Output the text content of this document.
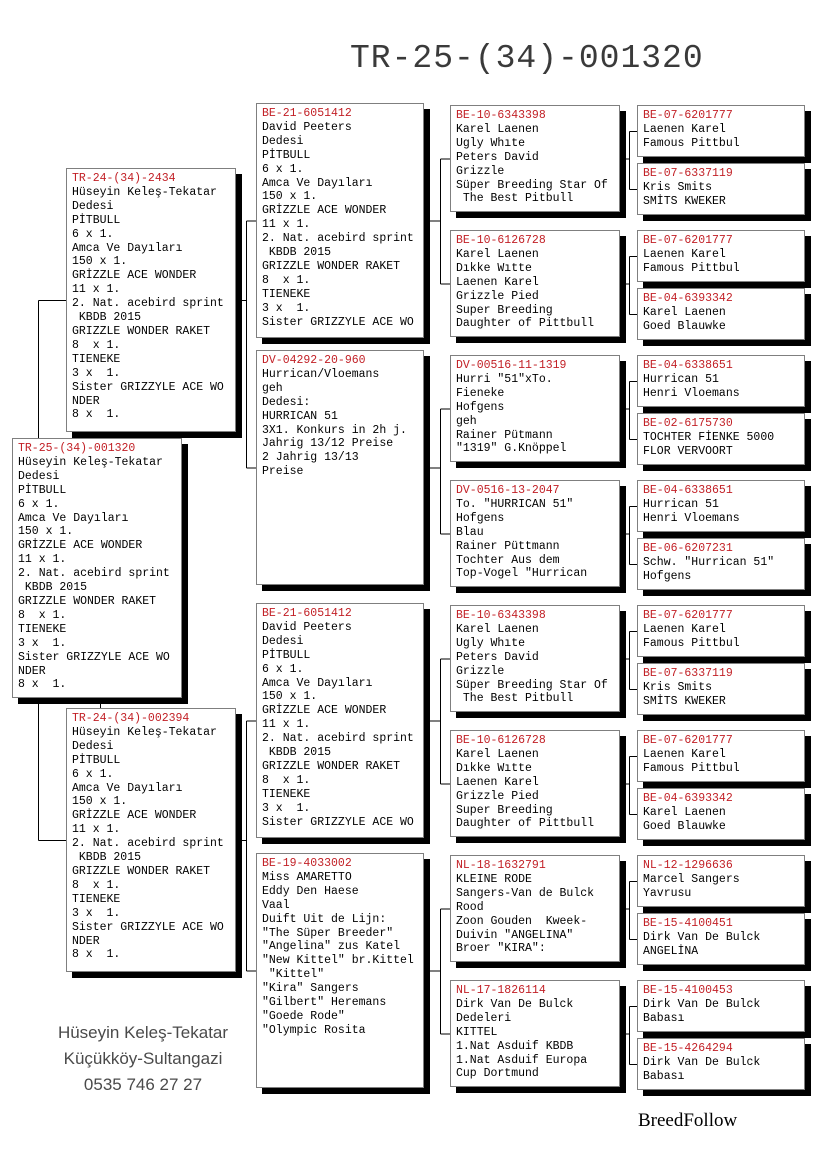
TR-25-(34)-001320
TR-25-(34)-001320
Hüseyin Keleş-Tekatar
Dedesi
PİTBULL
6 x 1.
Amca Ve Dayıları
150 x 1.
GRİZZLE ACE WONDER
11 x 1.
2. Nat. acebird sprint
KBDB 2015
GRIZZLE WONDER RAKET
8  x 1.
TIENEKE
3 x  1.
Sister GRIZZYLE ACE WO
NDER
8 x  1.
TR-24-(34)-2434
Hüseyin Keleş-Tekatar
Dedesi
PİTBULL
6 x 1.
Amca Ve Dayıları
150 x 1.
GRİZZLE ACE WONDER
11 x 1.
2. Nat. acebird sprint
KBDB 2015
GRIZZLE WONDER RAKET
8  x 1.
TIENEKE
3 x  1.
Sister GRIZZYLE ACE WO
NDER
8 x  1.
TR-24-(34)-002394
Hüseyin Keleş-Tekatar
Dedesi
PİTBULL
6 x 1.
Amca Ve Dayıları
150 x 1.
GRİZZLE ACE WONDER
11 x 1.
2. Nat. acebird sprint
KBDB 2015
GRIZZLE WONDER RAKET
8  x 1.
TIENEKE
3 x  1.
Sister GRIZZYLE ACE WO
NDER
8 x  1.
BE-21-6051412
David Peeters
Dedesi
PİTBULL
6 x 1.
Amca Ve Dayıları
150 x 1.
GRİZZLE ACE WONDER
11 x 1.
2. Nat. acebird sprint
KBDB 2015
GRIZZLE WONDER RAKET
8  x 1.
TIENEKE
3 x  1.
Sister GRIZZYLE ACE WO
DV-04292-20-960
Hurrican/Vloemans
geh
Dedesi:
HURRICAN 51
3X1. Konkurs in 2h j.
Jahrig 13/12 Preise
2 Jahrig 13/13
Preise
BE-21-6051412
David Peeters
Dedesi
PİTBULL
6 x 1.
Amca Ve Dayıları
150 x 1.
GRİZZLE ACE WONDER
11 x 1.
2. Nat. acebird sprint
KBDB 2015
GRIZZLE WONDER RAKET
8  x 1.
TIENEKE
3 x  1.
Sister GRIZZYLE ACE WO
BE-19-4033002
Miss AMARETTO
Eddy Den Haese
Vaal
Duift Uit de Lijn:
"The Süper Breeder"
"Angelina" zus Katel
"New Kittel" br.Kittel
"Kittel"
"Kira" Sangers
"Gilbert" Heremans
"Goede Rode"
"Olympic Rosita
BE-10-6343398
Karel Laenen
Ugly Whıte
Peters David
Grizzle
Süper Breeding Star Of
The Best Pitbull
BE-10-6126728
Karel Laenen
Dıkke Wıtte
Laenen Karel
Grizzle Pied
Super Breeding
Daughter of Pittbull
DV-00516-11-1319
Hurri "51"xTo.
Fieneke
Hofgens
geh
Rainer Pütmann
"1319" G.Knöppel
DV-0516-13-2047
To. "HURRICAN 51"
Hofgens
Blau
Rainer Püttmann
Tochter Aus dem
Top-Vogel "Hurrican
BE-10-6343398
Karel Laenen
Ugly Whıte
Peters David
Grizzle
Süper Breeding Star Of
The Best Pitbull
BE-10-6126728
Karel Laenen
Dıkke Wıtte
Laenen Karel
Grizzle Pied
Super Breeding
Daughter of Pittbull
NL-18-1632791
KLEINE RODE
Sangers-Van de Bulck
Rood
Zoon Gouden  Kweek-
Duivin "ANGELINA"
Broer "KIRA":
NL-17-1826114
Dirk Van De Bulck
Dedeleri
KITTEL
1.Nat Asduif KBDB
1.Nat Asduif Europa
Cup Dortmund
BE-07-6201777
Laenen Karel
Famous Pittbul
BE-07-6337119
Kris Smits
SMİTS KWEKER
BE-07-6201777
Laenen Karel
Famous Pittbul
BE-04-6393342
Karel Laenen
Goed Blauwke
BE-04-6338651
Hurrican 51
Henri Vloemans
BE-02-6175730
TOCHTER FİENKE 5000
FLOR VERVOORT
BE-04-6338651
Hurrican 51
Henri Vloemans
BE-06-6207231
Schw. "Hurrican 51"
Hofgens
BE-07-6201777
Laenen Karel
Famous Pittbul
BE-07-6337119
Kris Smits
SMİTS KWEKER
BE-07-6201777
Laenen Karel
Famous Pittbul
BE-04-6393342
Karel Laenen
Goed Blauwke
NL-12-1296636
Marcel Sangers
Yavrusu
BE-15-4100451
Dirk Van De Bulck
ANGELİNA
BE-15-4100453
Dirk Van De Bulck
Babası
BE-15-4264294
Dirk Van De Bulck
Babası
Hüseyin Keleş-Tekatar
Küçükköy-Sultangazi
0535 746 27 27
BreedFollow
